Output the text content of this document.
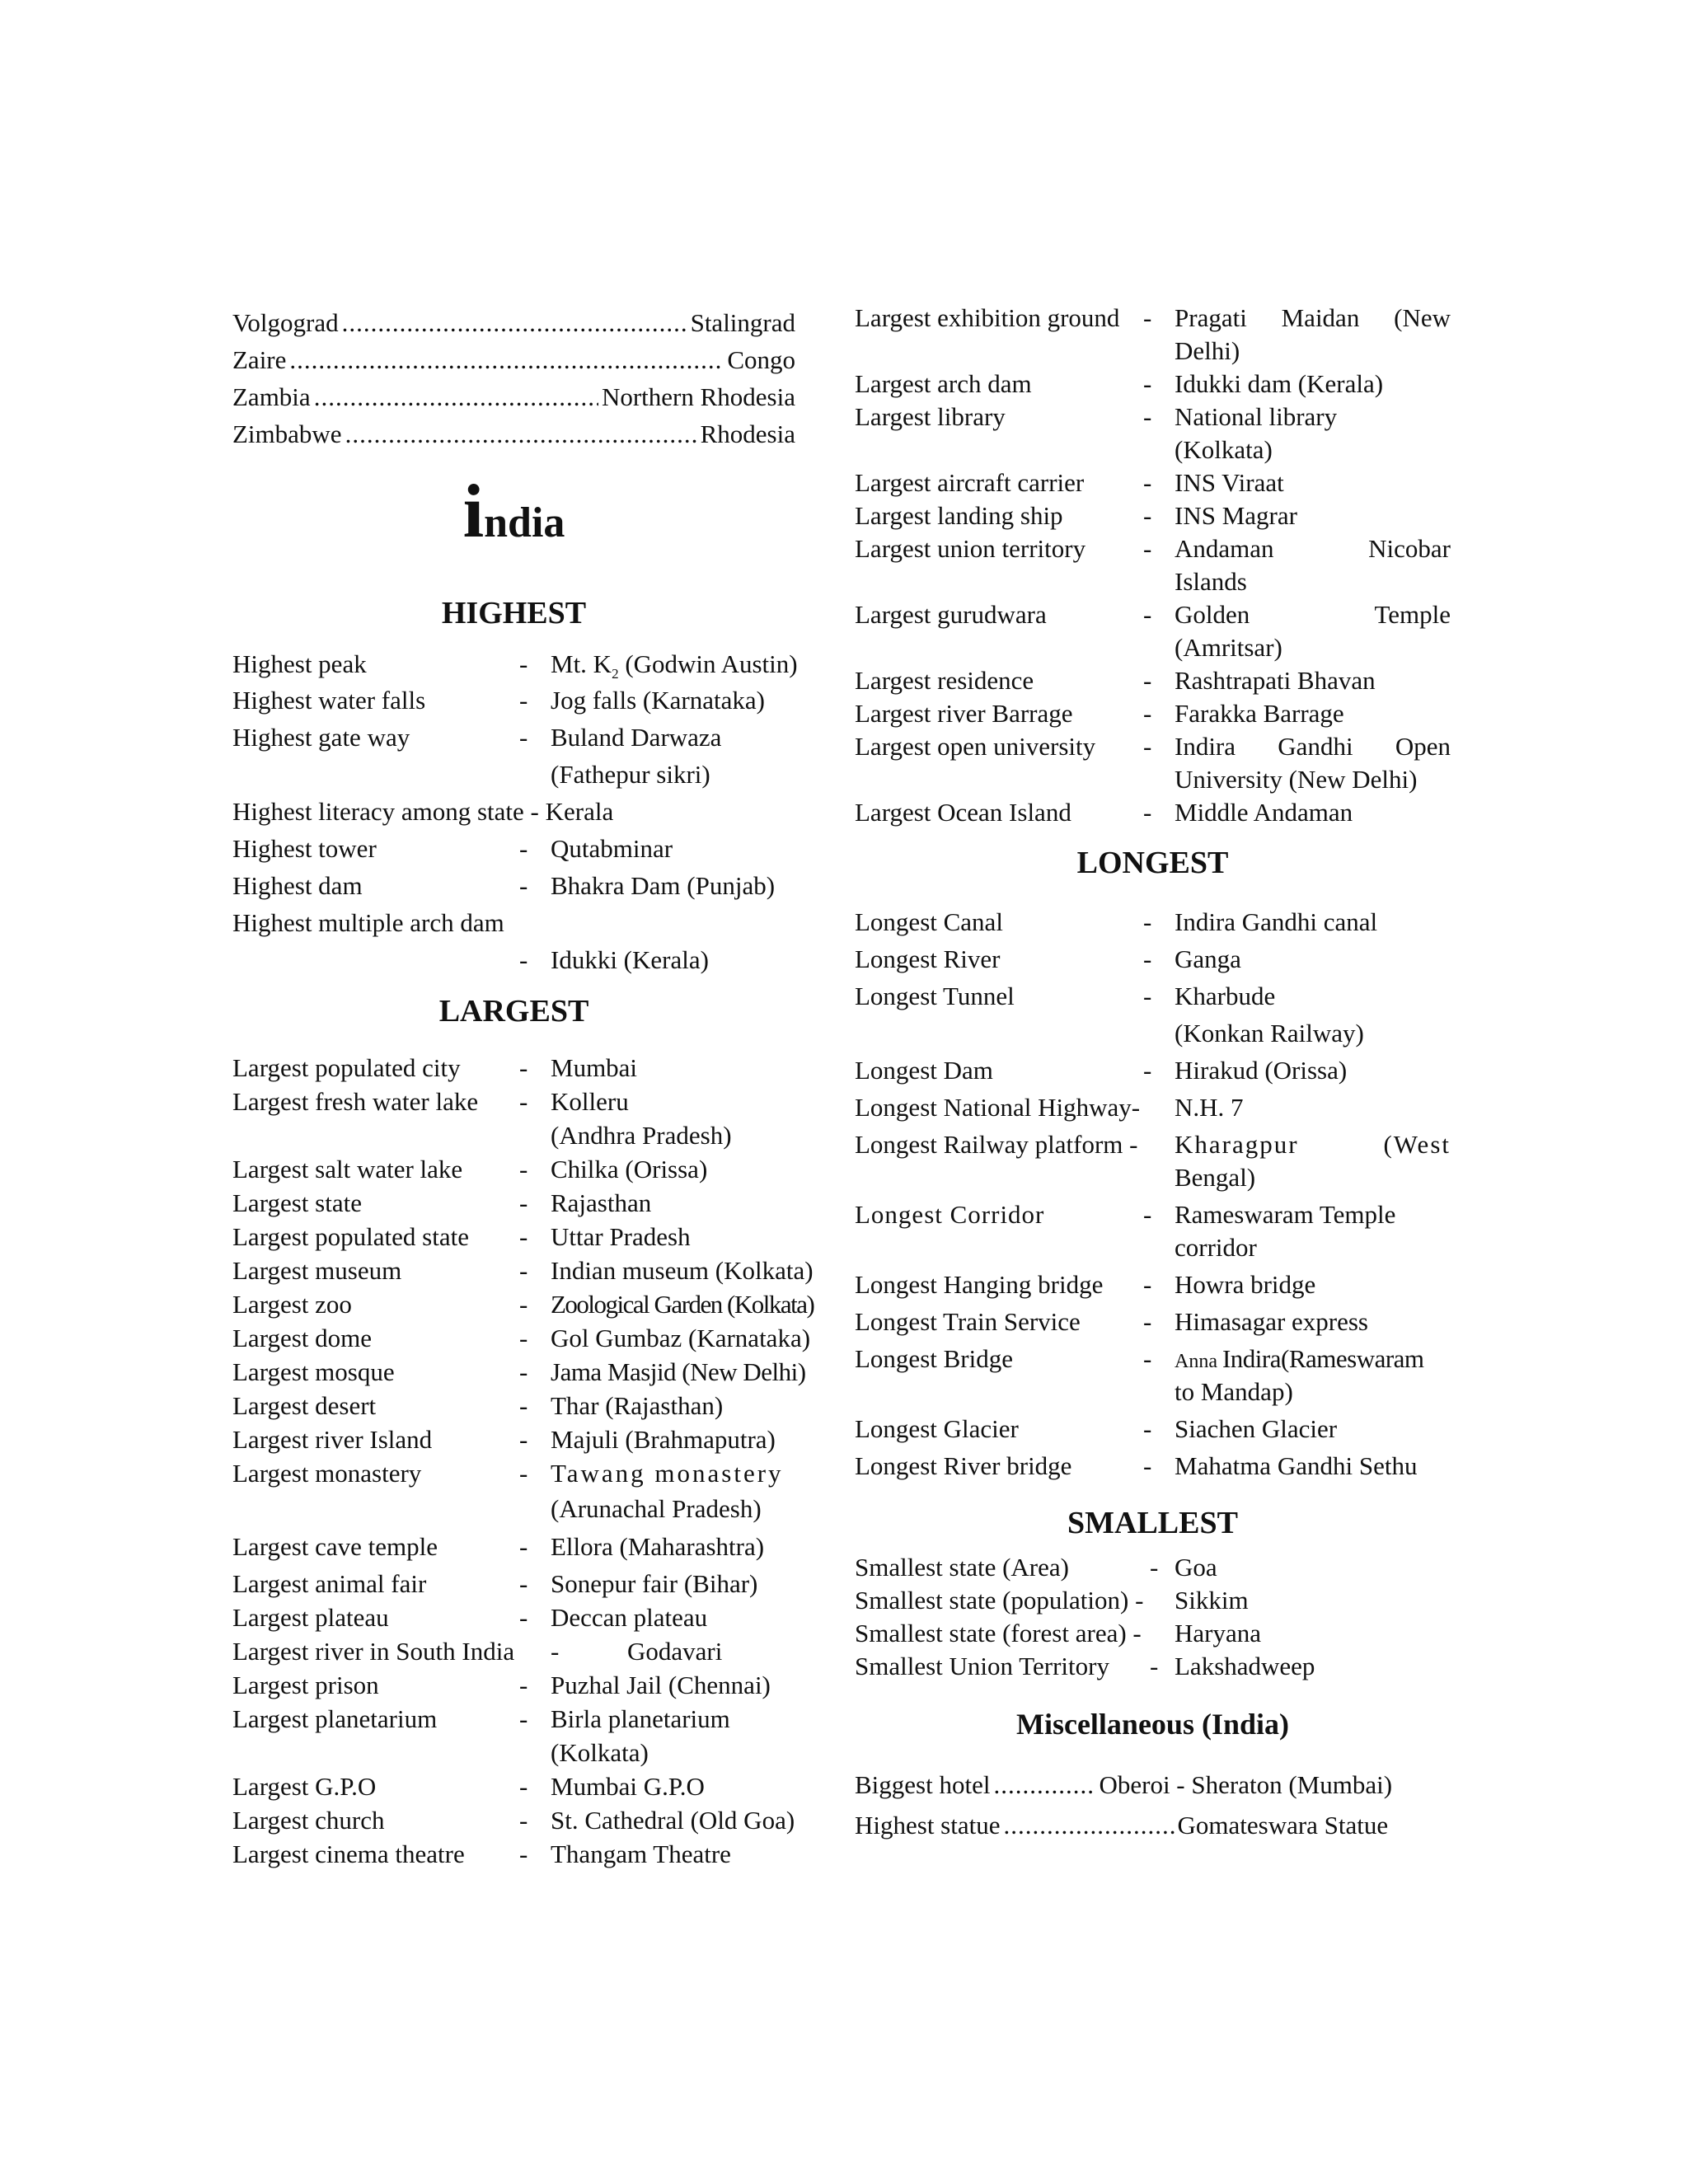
Volgograd .....	Stalingrad
Zaire .....	Congo
Zambia .....	Northern Rhodesia
Zimbabwe .....	Rhodesia
india
HIGHEST
Highest peak	- Mt. $K_2$ (Godwin Austin)
Highest water falls	- Jog falls (Karnataka)
Highest gate way	- Buland Darwaza
(Fathepur sikri)
Highest literacy among state - Kerala
Highest tower	- Qutabminar
Highest dam	- Bhakra Dam (Punjab)
Highest multiple arch dam
- Idukki (Kerala)
LARGEST
Largest populated city - Mumbai
Largest fresh water lake - Kolleru
(Andhra Pradesh)
Largest salt water lake - Chilka (Orissa)
Largest state	- Rajasthan
Largest populated state - Uttar Pradesh
Largest museum	- Indian museum (Kolkata)
Largest zoo	- Zoological Garden (Kolkata)
Largest dome	- Gol Gumbaz (Karnataka)
Largest mosque	- Jama Masjid (New Delhi)
Largest desert	- Thar (Rajasthan)
Largest river Island	- Majuli (Brahmaputra)
Largest monastery	- Tawang monastery
(Arunachal Pradesh)
Largest cave temple	- Ellora (Maharashtra)
Largest animal fair	- Sonepur fair (Bihar)
Largest plateau	- Deccan plateau
Largest river in South India -	Godavari
Largest prison	- Puzhal Jail (Chennai)
Largest planetarium	- Birla planetarium
(Kolkata)
Largest G.P.O	- Mumbai G.P.O
Largest church	- St. Cathedral (Old Goa)
Largest cinema theatre - Thangam Theatre
Largest exhibition ground - Pragati Maidan (New
Delhi)
Largest arch dam	- Idukki dam (Kerala)
Largest library	- National library
(Kolkata)
Largest aircraft carrier - INS Viraat
Largest landing ship	- INS Magrar
Largest union territory - Andaman Nicobar
Islands
Largest gurudwara	- Golden Temple
(Amritsar)
Largest residence	- Rashtrapati Bhavan
Largest river Barrage	- Farakka Barrage
Largest open university - Indira Gandhi Open
University (New Delhi)
Largest Ocean Island	- Middle Andaman
LONGEST
Longest Canal	- Indira Gandhi canal
Longest River	- Ganga
Longest Tunnel	- Kharbude
(Konkan Railway)
Longest Dam	- Hirakud (Orissa)
Longest National Highway- N.H. 7
Longest Railway platform - Kharagpur (West
Bengal)
Longest Corridor	- Rameswaram Temple
corridor
Longest Hanging bridge - Howra bridge
Longest Train Service - Himasagar express
Longest Bridge	- Anna Indira(Rameswaram
to Mandap)
Longest Glacier	- Siachen Glacier
Longest River bridge	- Mahatma Gandhi Sethu
SMALLEST
Smallest state (Area)	- Goa
Smallest state (population) - Sikkim
Smallest state (forest area) - Haryana
Smallest Union Territory - Lakshadweep
Miscellaneous (India)
Biggest hotel .....	Oberoi - Sheraton (Mumbai)
Highest statue .....	Gomateswara Statue
